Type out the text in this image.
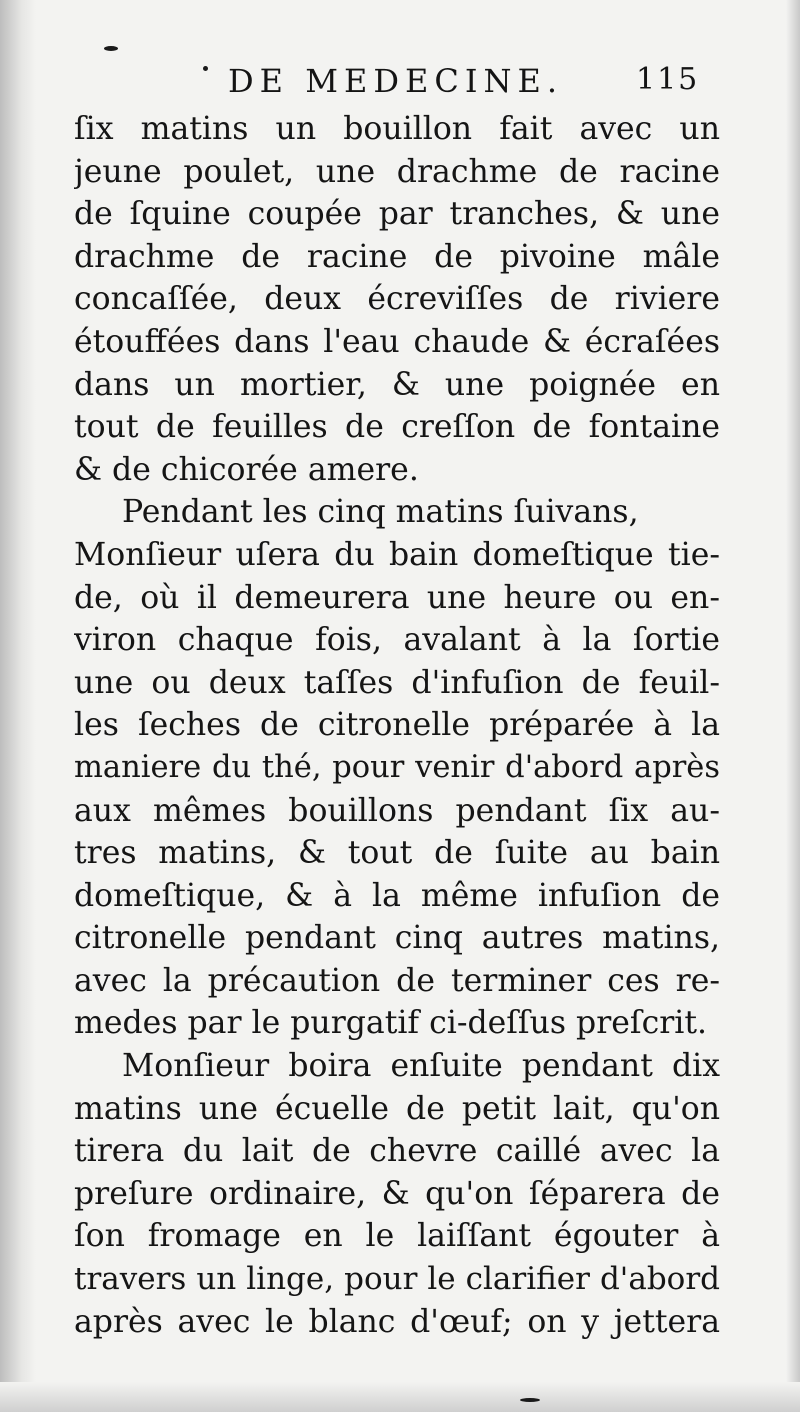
DE MEDECINE. 115
ſix matins un bouillon fait avec un
jeune poulet, une drachme de racine
de ſquine coupée par tranches, & une
drachme de racine de pivoine mâle
concaſſée, deux écreviſſes de riviere
étouffées dans l'eau chaude & écraſées
dans un mortier, & une poignée en
tout de feuilles de creſſon de fontaine
& de chicorée amere.
Pendant les cinq matins ſuivans,
Monſieur uſera du bain domeſtique tie-
de, où il demeurera une heure ou en-
viron chaque fois, avalant à la ſortie
une ou deux taſſes d'infuſion de feuil-
les ſeches de citronelle préparée à la
maniere du thé, pour venir d'abord après
aux mêmes bouillons pendant ſix au-
tres matins, & tout de ſuite au bain
domeſtique, & à la même infuſion de
citronelle pendant cinq autres matins,
avec la précaution de terminer ces re-
medes par le purgatif ci-deſſus preſcrit.
Monſieur boira enſuite pendant dix
matins une écuelle de petit lait, qu'on
tirera du lait de chevre caillé avec la
preſure ordinaire, & qu'on ſéparera de
ſon fromage en le laiſſant égouter à
travers un linge, pour le clarifier d'abord
après avec le blanc d'œuf; on y jettera
